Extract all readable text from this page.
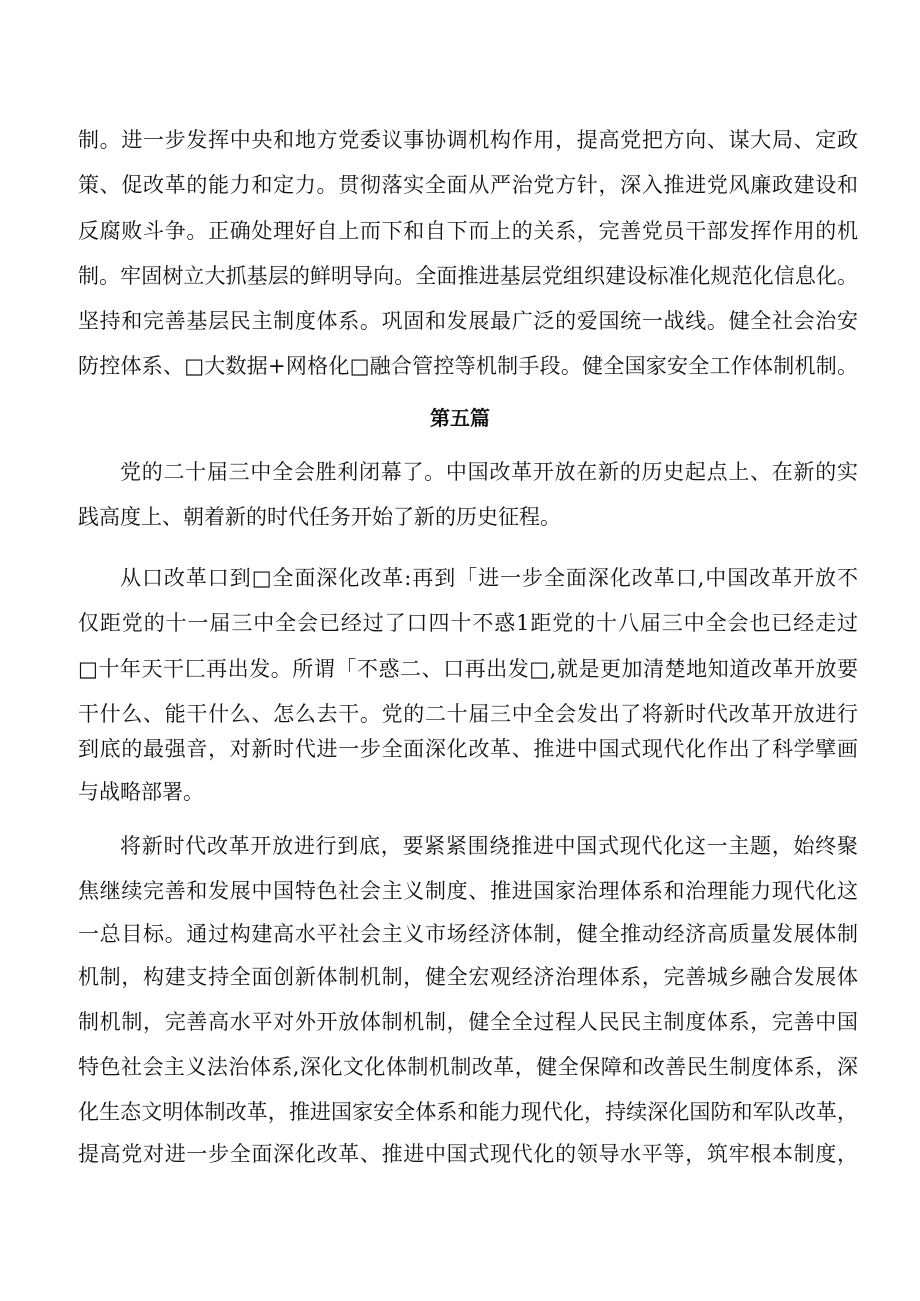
制。进一步发挥中央和地方党委议事协调机构作用，提高党把方向、谋大局、定政
策、促改革的能力和定力。贯彻落实全面从严治党方针，深入推进党风廉政建设和
反腐败斗争。正确处理好自上而下和自下而上的关系，完善党员干部发挥作用的机
制。牢固树立大抓基层的鲜明导向。全面推进基层党组织建设标准化规范化信息化。
坚持和完善基层民主制度体系。巩固和发展最广泛的爱国统一战线。健全社会治安
防控体系、□大数据+网格化□融合管控等机制手段。健全国家安全工作体制机制。
第五篇
党的二十届三中全会胜利闭幕了。中国改革开放在新的历史起点上、在新的实
践高度上、朝着新的时代任务开始了新的历史征程。
从口改革口到□全面深化改革:再到「进一步全面深化改革口,中国改革开放不
仅距党的十一届三中全会已经过了口四十不惑1距党的十八届三中全会也已经走过
□十年天干匚再出发。所谓「不惑二、口再出发□,就是更加清楚地知道改革开放要
干什么、能干什么、怎么去干。党的二十届三中全会发出了将新时代改革开放进行
到底的最强音，对新时代进一步全面深化改革、推进中国式现代化作出了科学擘画
与战略部署。
将新时代改革开放进行到底，要紧紧围绕推进中国式现代化这一主题，始终聚
焦继续完善和发展中国特色社会主义制度、推进国家治理体系和治理能力现代化这
一总目标。通过构建高水平社会主义市场经济体制，健全推动经济高质量发展体制
机制，构建支持全面创新体制机制，健全宏观经济治理体系，完善城乡融合发展体
制机制，完善高水平对外开放体制机制，健全全过程人民民主制度体系，完善中国
特色社会主义法治体系,深化文化体制机制改革，健全保障和改善民生制度体系，深
化生态文明体制改革，推进国家安全体系和能力现代化，持续深化国防和军队改革，
提高党对进一步全面深化改革、推进中国式现代化的领导水平等，筑牢根本制度，
